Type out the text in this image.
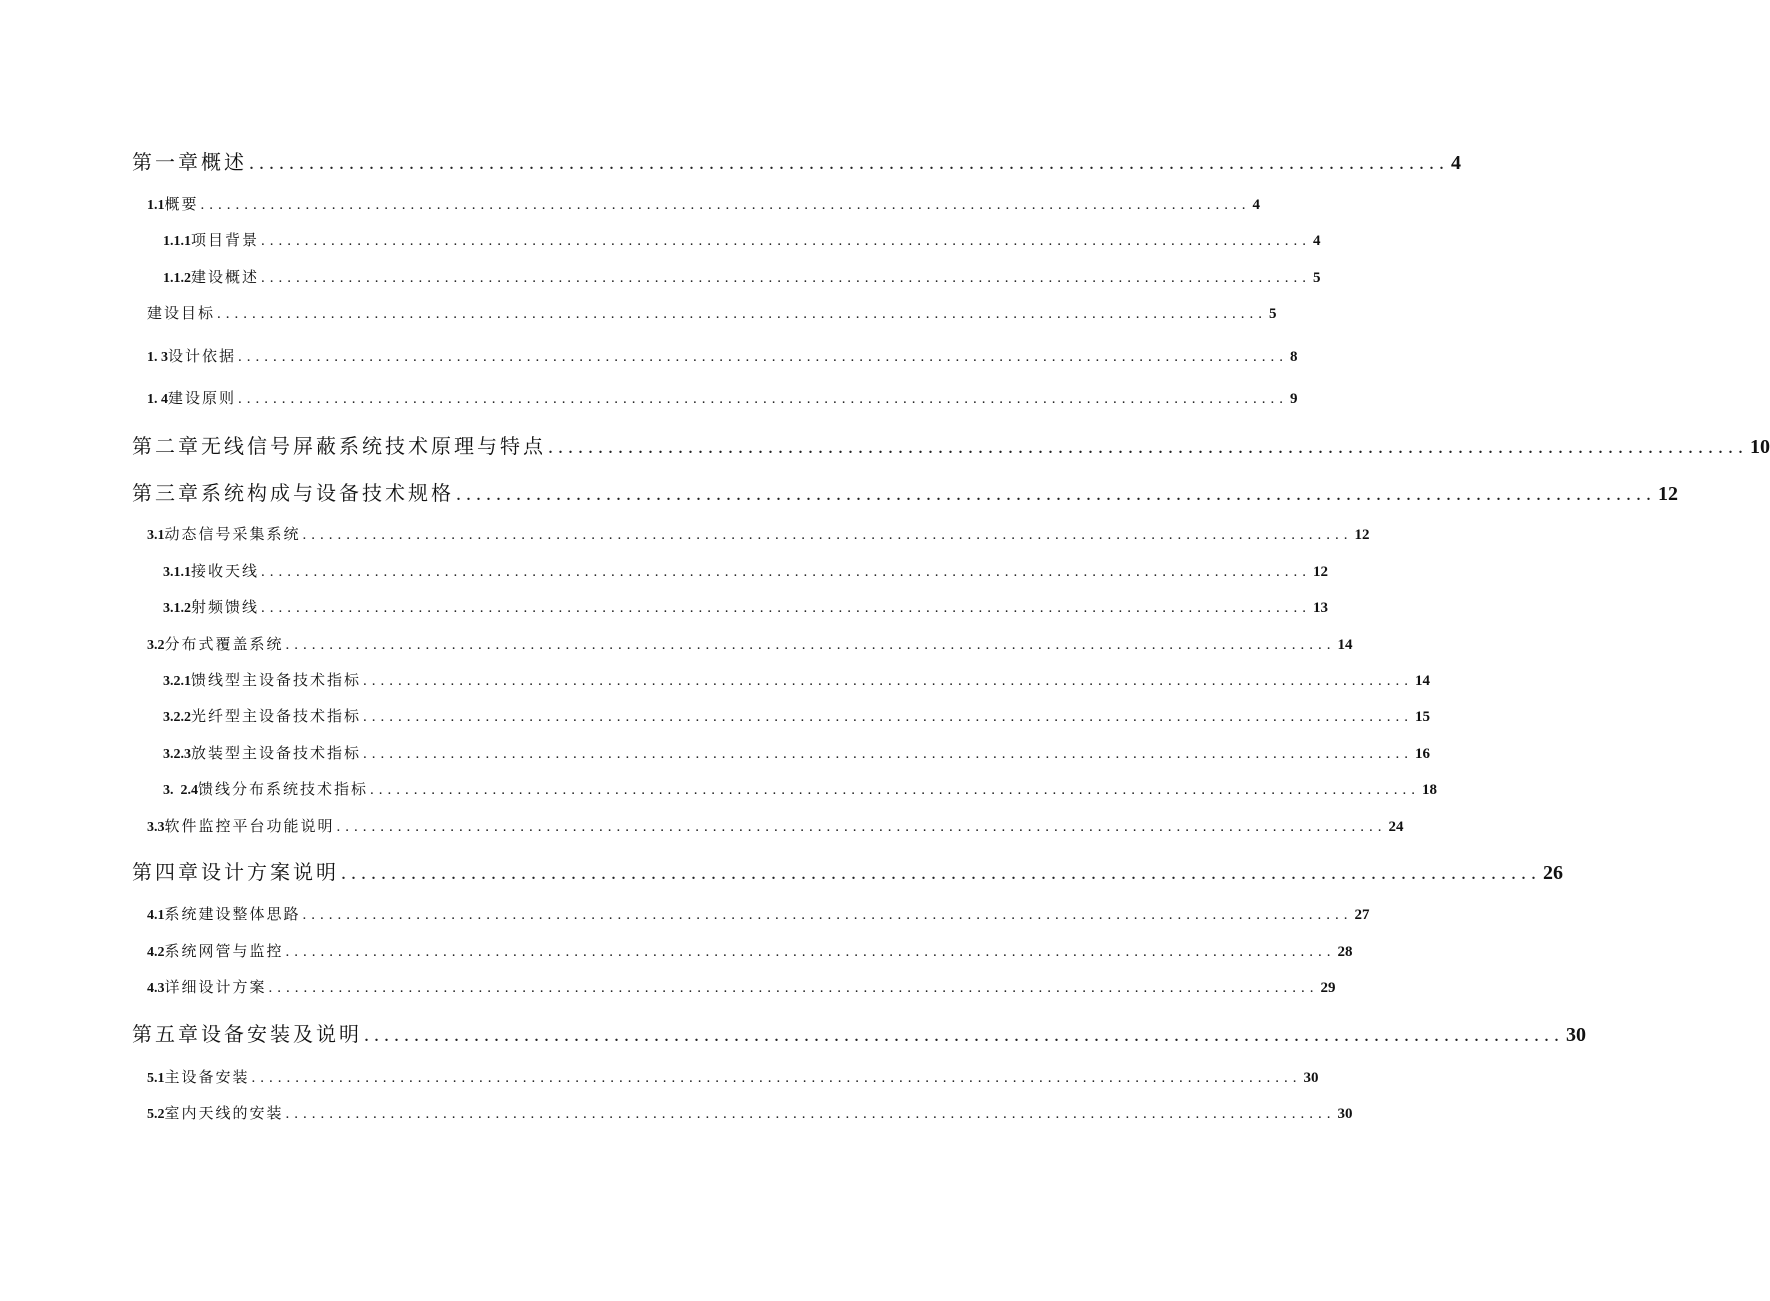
第一章概述 ........................................................................................................................ 4
1.1 概要 ........................................................................................................................ 4
1.1.1 项目背景 ........................................................................................................................ 4
1.1.2 建设概述 ........................................................................................................................ 5
建设目标 ........................................................................................................................ 5
1. 3 设计依据 ........................................................................................................................ 8
1. 4 建设原则 ........................................................................................................................ 9
第二章无线信号屏蔽系统技术原理与特点 ........................................................................................................................ 10
第三章系统构成与设备技术规格 ........................................................................................................................ 12
3.1 动态信号采集系统 ........................................................................................................................ 12
3.1.1 接收天线 ........................................................................................................................ 12
3.1.2 射频馈线 ........................................................................................................................ 13
3.2 分布式覆盖系统 ........................................................................................................................ 14
3.2.1 馈线型主设备技术指标 ........................................................................................................................ 14
3.2.2 光纤型主设备技术指标 ........................................................................................................................ 15
3.2.3 放装型主设备技术指标 ........................................................................................................................ 16
3.  2.4 馈线分布系统技术指标 ........................................................................................................................ 18
3.3 软件监控平台功能说明 ........................................................................................................................ 24
第四章设计方案说明 ........................................................................................................................ 26
4.1 系统建设整体思路 ........................................................................................................................ 27
4.2 系统网管与监控 ........................................................................................................................ 28
4.3 详细设计方案 ........................................................................................................................ 29
第五章设备安装及说明 ........................................................................................................................ 30
5.1 主设备安装 ........................................................................................................................ 30
5.2 室内天线的安装 ........................................................................................................................ 30
